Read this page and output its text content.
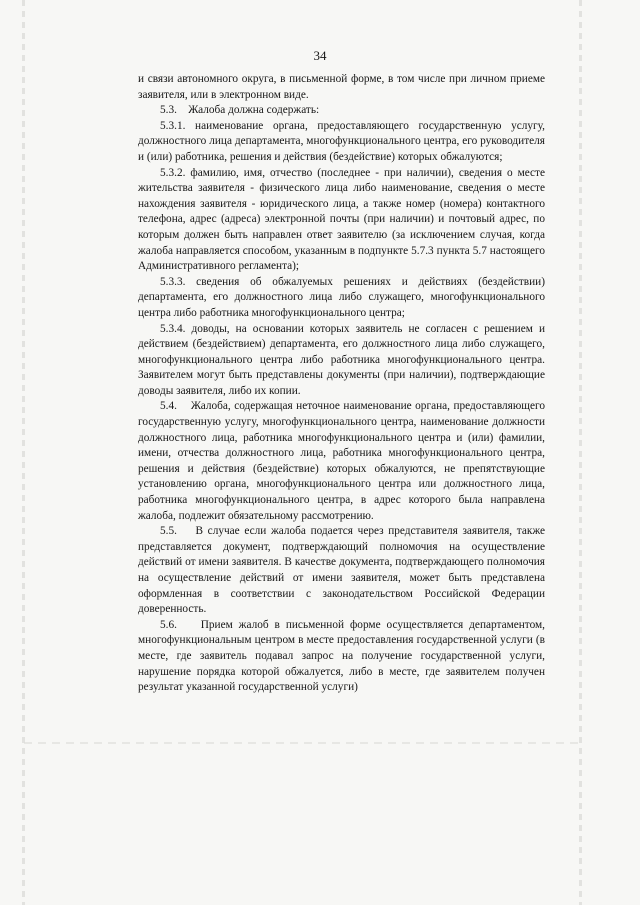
34

и связи автономного округа, в письменной форме, в том числе при личном приеме заявителя, или в электронном виде.

5.3.    Жалоба должна содержать:

5.3.1. наименование органа, предоставляющего государственную услугу, должностного лица департамента, многофункционального центра, его руководителя и (или) работника, решения и действия (бездействие) которых обжалуются;

5.3.2. фамилию, имя, отчество (последнее - при наличии), сведения о месте жительства заявителя - физического лица либо наименование, сведения о месте нахождения заявителя - юридического лица, а также номер (номера) контактного телефона, адрес (адреса) электронной почты (при наличии) и почтовый адрес, по которым должен быть направлен ответ заявителю (за исключением случая, когда жалоба направляется способом, указанным в подпункте 5.7.3 пункта 5.7 настоящего Административного регламента);

5.3.3. сведения об обжалуемых решениях и действиях (бездействии) департамента, его должностного лица либо служащего, многофункционального центра либо работника многофункционального центра;

5.3.4. доводы, на основании которых заявитель не согласен с решением и действием (бездействием) департамента, его должностного лица либо служащего, многофункционального центра либо работника многофункционального центра. Заявителем могут быть представлены документы (при наличии), подтверждающие доводы заявителя, либо их копии.

5.4.    Жалоба, содержащая неточное наименование органа, предоставляющего государственную услугу, многофункционального центра, наименование должности должностного лица, работника многофункционального центра и (или) фамилии, имени, отчества должностного лица, работника многофункционального центра, решения и действия (бездействие) которых обжалуются, не препятствующие установлению органа, многофункционального центра или должностного лица, работника многофункционального центра, в адрес которого была направлена жалоба, подлежит обязательному рассмотрению.

5.5.    В случае если жалоба подается через представителя заявителя, также представляется документ, подтверждающий полномочия на осуществление действий от имени заявителя. В качестве документа, подтверждающего полномочия на осуществление действий от имени заявителя, может быть представлена оформленная в соответствии с законодательством Российской Федерации доверенность.

5.6.    Прием жалоб в письменной форме осуществляется департаментом, многофункциональным центром в месте предоставления государственной услуги (в месте, где заявитель подавал запрос на получение государственной услуги, нарушение порядка которой обжалуется, либо в месте, где заявителем получен результат указанной государственной услуги)
